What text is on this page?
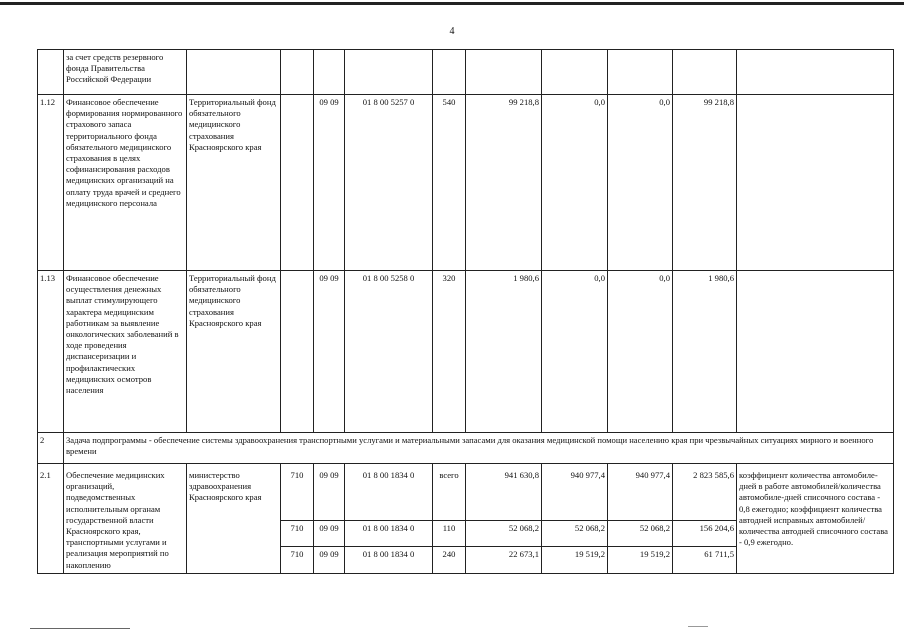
4
	за счет средств резервного фонда Правительства Российской Федерации										
1.12	Финансовое обеспечение формирования нормированного страхового запаса территориального фонда обязательного медицинского страхования в целях софинансирования расходов медицинских организаций на оплату труда врачей и среднего медицинского персонала	Территориальный фонд обязательного медицинского страхования Красноярского края		09 09	01 8 00 5257 0	540	99 218,8	0,0	0,0	99 218,8	
1.13	Финансовое обеспечение осуществления денежных выплат стимулирующего характера медицинским работникам за выявление онкологических заболеваний в ходе проведения диспансеризации и профилактических медицинских осмотров населения	Территориальный фонд обязательного медицинского страхования Красноярского края		09 09	01 8 00 5258 0	320	1 980,6	0,0	0,0	1 980,6	
2	Задача подпрограммы - обеспечение системы здравоохранения транспортными услугами и материальными запасами для оказания медицинской помощи населению края при чрезвычайных ситуациях мирного и военного времени										
2.1	Обеспечение медицинских организаций, подведомственных исполнительным органам государственной власти Красноярского края, транспортными услугами и реализация мероприятий по накоплению	министерство здравоохранения Красноярского края	710	09 09	01 8 00 1834 0	всего	941 630,8	940 977,4	940 977,4	2 823 585,6	коэффициент количества автомобиле-дней в работе автомобилей/количества автомобиле-дней списочного состава - 0,8 ежегодно; коэффициент количества автодней исправных автомобилей/количества автодней списочного состава - 0,9 ежегодно.
			710	09 09	01 8 00 1834 0	110	52 068,2	52 068,2	52 068,2	156 204,6	
			710	09 09	01 8 00 1834 0	240	22 673,1	19 519,2	19 519,2	61 711,5	
